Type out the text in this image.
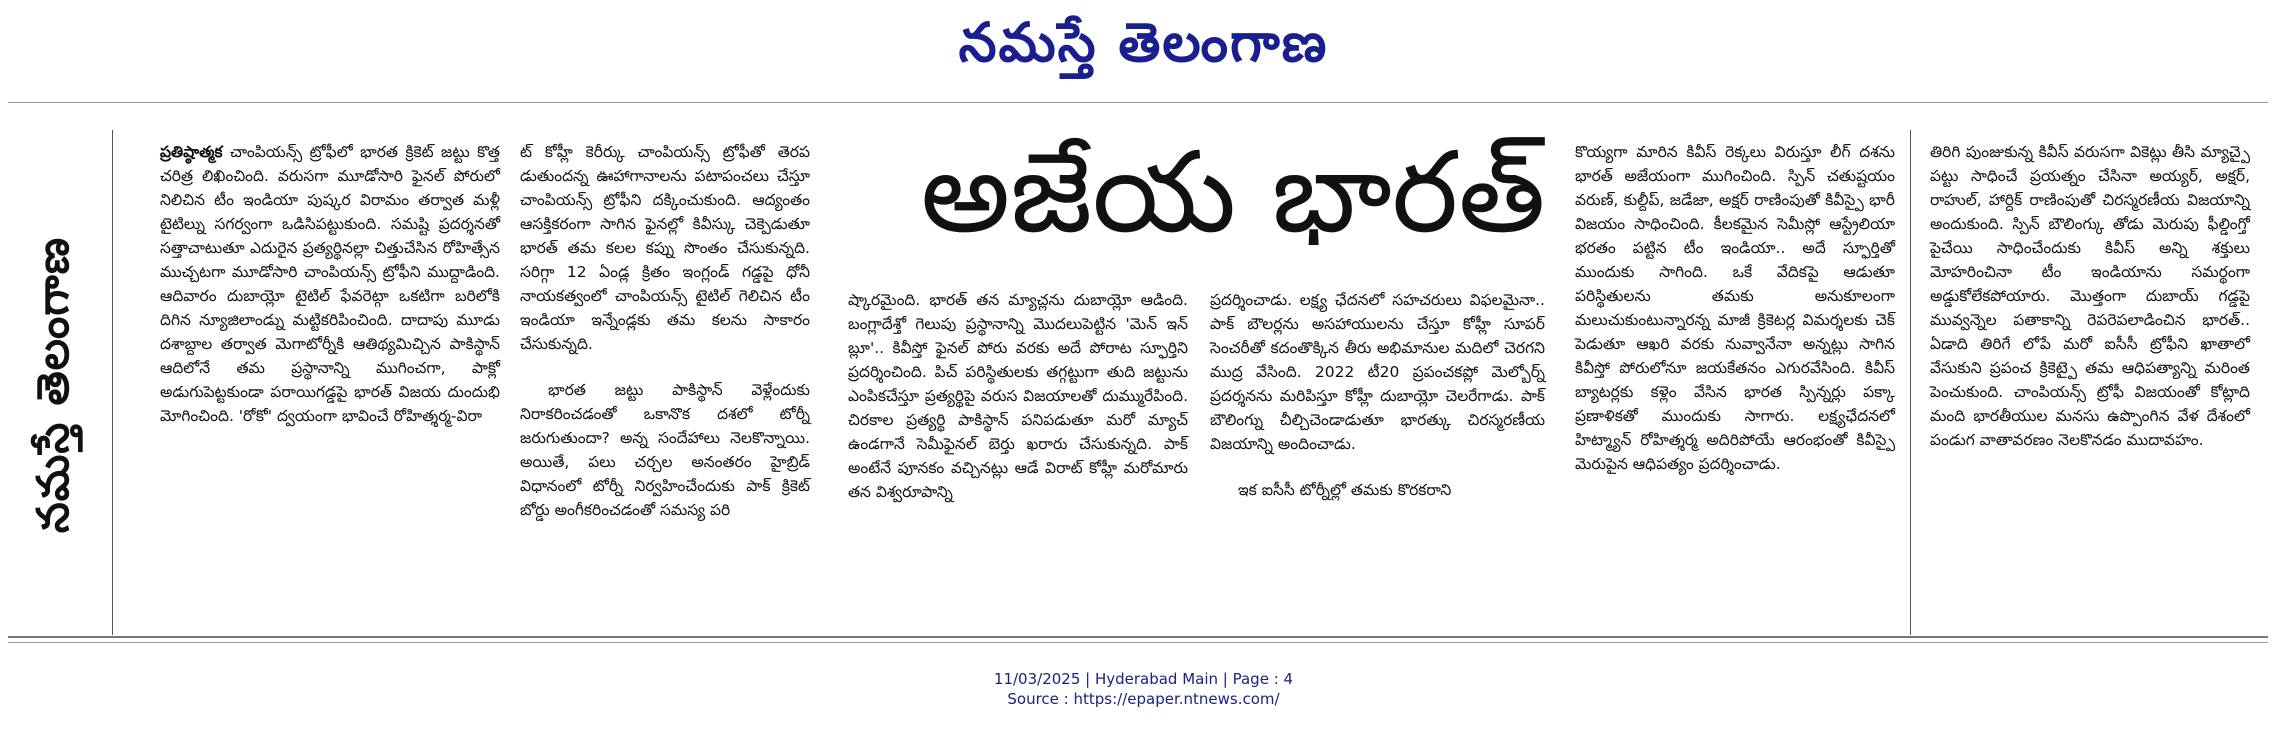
నమస్తే తెలంగాణ
నమస్తే తెలంగాణ
అజేయ భారత్

ప్రతిష్ఠాత్మక చాంపియన్స్ ట్రోఫీలో భారత క్రికెట్ జట్టు కొత్త చరిత్ర లిఖించింది. వరుసగా మూడోసారి ఫైనల్ పోరులో నిలిచిన టీం ఇండియా పుష్కర విరామం తర్వాత మళ్లీ టైటిల్ను సగర్వంగా ఒడిసిపట్టుకుంది. సమష్టి ప్రదర్శనతో సత్తాచాటుతూ ఎదురైన ప్రత్యర్థినల్లా చిత్తుచేసిన రోహిత్సేన ముచ్చటగా మూడోసారి చాంపియన్స్ ట్రోఫీని ముద్దాడింది. ఆదివారం దుబాయ్లో టైటిల్ ఫేవరెట్గా ఒకటిగా బరిలోకి దిగిన న్యూజిలాండ్ను మట్టికరిపించింది. దాదాపు మూడు దశాబ్దాల తర్వాత మెగాటోర్నీకి ఆతిథ్యమిచ్చిన పాకిస్థాన్ ఆదిలోనే తమ ప్రస్థానాన్ని ముగించగా, పాక్లో అడుగుపెట్టకుండా పరాయిగడ్డపై భారత్ విజయ దుందుభి మోగించింది. 'రోకో' ద్వయంగా భావించే రోహిత్శర్మ-విరా

ట్ కోహ్లీ కెరీర్కు చాంపియన్స్ ట్రోఫీతో తెరప డుతుందన్న ఊహాగానాలను పటాపంచలు చేస్తూ చాంపియన్స్ ట్రోఫీని దక్కించుకుంది. ఆద్యంతం ఆసక్తికరంగా సాగిన ఫైనల్లో కివీస్కు చెక్పెడుతూ భారత్ తమ కలల కప్ను సొంతం చేసుకున్నది. సరిగ్గా 12 ఏండ్ల క్రితం ఇంగ్లండ్ గడ్డపై ధోనీ నాయకత్వంలో చాంపియన్స్ టైటిల్ గెలిచిన టీం ఇండియా ఇన్నేండ్లకు తమ కలను సాకారం చేసుకున్నది.

భారత జట్టు పాకిస్థాన్ వెళ్లేందుకు నిరాకరించడంతో ఒకానొక దశలో టోర్నీ జరుగుతుందా? అన్న సందేహాలు నెలకొన్నాయి. అయితే, పలు చర్చల అనంతరం హైబ్రిడ్ విధానంలో టోర్నీ నిర్వహించేందుకు పాక్ క్రికెట్ బోర్డు అంగీకరించడంతో సమస్య పరి

ష్కారమైంది. భారత్ తన మ్యాచ్లను దుబాయ్లో ఆడింది. బంగ్లాదేశ్తో గెలుపు ప్రస్థానాన్ని మొదలుపెట్టిన 'మెన్ ఇన్ బ్లూ'.. కివీస్తో ఫైనల్ పోరు వరకు అదే పోరాట స్ఫూర్తిని ప్రదర్శించింది. పిచ్ పరిస్థితులకు తగ్గట్టుగా తుది జట్టును ఎంపికచేస్తూ ప్రత్యర్థిపై వరుస విజయాలతో దుమ్మురేపింది. చిరకాల ప్రత్యర్థి పాకిస్థాన్ పనిపడుతూ మరో మ్యాచ్ ఉండగానే సెమీఫైనల్ బెర్తు ఖరారు చేసుకున్నది. పాక్ అంటేనే పూనకం వచ్చినట్లు ఆడే విరాట్ కోహ్లీ మరోమారు తన విశ్వరూపాన్ని

ప్రదర్శించాడు. లక్ష్య ఛేదనలో సహచరులు విఫలమైనా.. పాక్ బౌలర్లను అసహాయులను చేస్తూ కోహ్లీ సూపర్ సెంచరీతో కదంతొక్కిన తీరు అభిమానుల మదిలో చెరగని ముద్ర వేసింది. 2022 టీ20 ప్రపంచకప్లో మెల్బోర్న్ ప్రదర్శనను మరిపిస్తూ కోహ్లీ దుబాయ్లో చెలరేగాడు. పాక్ బౌలింగ్ను చీల్చిచెండాడుతూ భారత్కు చిరస్మరణీయ విజయాన్ని అందించాడు.

ఇక ఐసీసీ టోర్నీల్లో తమకు కొరకరాని

కొయ్యగా మారిన కివీస్ రెక్కలు విరుస్తూ లీగ్ దశను భారత్ అజేయంగా ముగించింది. స్పిన్ చతుష్టయం వరుణ్, కుల్దీప్, జడేజా, అక్షర్ రాణింపుతో కివీస్పై భారీ విజయం సాధించింది. కీలకమైన సెమీస్లో ఆస్ట్రేలియా భరతం పట్టిన టీం ఇండియా.. అదే స్ఫూర్తితో ముందుకు సాగింది. ఒకే వేదికపై ఆడుతూ పరిస్థితులను తమకు అనుకూలంగా మలుచుకుంటున్నారన్న మాజీ క్రికెటర్ల విమర్శలకు చెక్ పెడుతూ ఆఖరి వరకు నువ్వానేనా అన్నట్లు సాగిన కివీస్తో పోరులోనూ జయకేతనం ఎగురవేసింది. కివీస్ బ్యాటర్లకు కళ్లెం వేసిన భారత స్పిన్నర్లు పక్కా ప్రణాళికతో ముందుకు సాగారు. లక్ష్యఛేదనలో హిట్మ్యాన్ రోహిత్శర్మ అదిరిపోయే ఆరంభంతో కివీస్పై మెరుపైన ఆధిపత్యం ప్రదర్శించాడు.

తిరిగి పుంజుకున్న కివీస్ వరుసగా వికెట్లు తీసి మ్యాచ్పై పట్టు సాధించే ప్రయత్నం చేసినా అయ్యర్, అక్షర్, రాహుల్, హార్దిక్ రాణింపుతో చిరస్మరణీయ విజయాన్ని అందుకుంది. స్పిన్ బౌలింగ్కు తోడు మెరుపు ఫీల్డింగ్తో పైచేయి సాధించేందుకు కివీస్ అన్ని శక్తులు మోహరించినా టీం ఇండియాను సమర్థంగా అడ్డుకోలేకపోయారు. మొత్తంగా దుబాయ్ గడ్డపై మువ్వన్నెల పతాకాన్ని రెపరెపలాడించిన భారత్.. ఏడాది తిరిగే లోపే మరో ఐసీసీ ట్రోఫీని ఖాతాలో వేసుకుని ప్రపంచ క్రికెట్పై తమ ఆధిపత్యాన్ని మరింత పెంచుకుంది. చాంపియన్స్ ట్రోఫీ విజయంతో కోట్లాది మంది భారతీయుల మనసు ఉప్పొంగిన వేళ దేశంలో పండుగ వాతావరణం నెలకొనడం ముదావహం.

11/03/2025 | Hyderabad Main | Page : 4
Source : https://epaper.ntnews.com/
